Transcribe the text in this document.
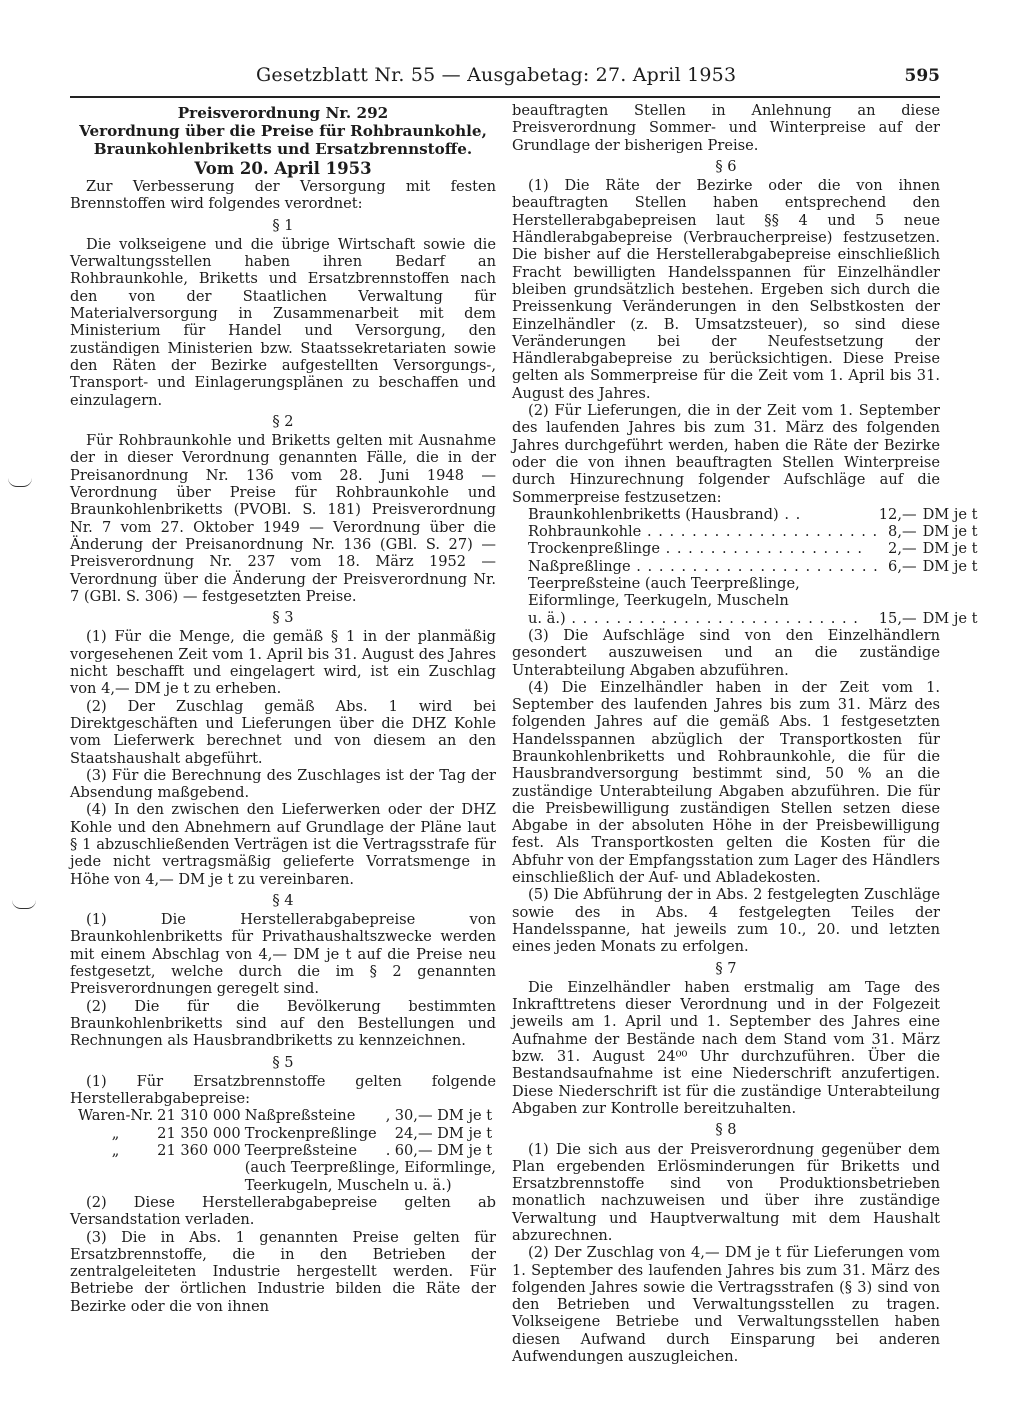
Gesetzblatt Nr. 55 — Ausgabetag: 27. April 1953	595
Preisverordnung Nr. 292
Verordnung über die Preise für Rohbraunkohle,
Braunkohlenbriketts und Ersatzbrennstoffe.
Vom 20. April 1953

Zur Verbesserung der Versorgung mit festen Brennstoffen wird folgendes verordnet:

§ 1

Die volkseigene und die übrige Wirtschaft sowie die Verwaltungsstellen haben ihren Bedarf an Rohbraunkohle, Briketts und Ersatzbrennstoffen nach den von der Staatlichen Verwaltung für Materialversorgung in Zusammenarbeit mit dem Ministerium für Handel und Versorgung, den zuständigen Ministerien bzw. Staatssekretariaten sowie den Räten der Bezirke aufgestellten Versorgungs-, Transport- und Einlagerungsplänen zu beschaffen und einzulagern.

§ 2

Für Rohbraunkohle und Briketts gelten mit Ausnahme der in dieser Verordnung genannten Fälle, die in der Preisanordnung Nr. 136 vom 28. Juni 1948 — Verordnung über Preise für Rohbraunkohle und Braunkohlenbriketts (PVOBl. S. 181) Preisverordnung Nr. 7 vom 27. Oktober 1949 — Verordnung über die Änderung der Preisanordnung Nr. 136 (GBl. S. 27) — Preisverordnung Nr. 237 vom 18. März 1952 — Verordnung über die Änderung der Preisverordnung Nr. 7 (GBl. S. 306) — festgesetzten Preise.

§ 3

(1) Für die Menge, die gemäß § 1 in der planmäßig vorgesehenen Zeit vom 1. April bis 31. August des Jahres nicht beschafft und eingelagert wird, ist ein Zuschlag von 4,— DM je t zu erheben.

(2) Der Zuschlag gemäß Abs. 1 wird bei Direktgeschäften und Lieferungen über die DHZ Kohle vom Lieferwerk berechnet und von diesem an den Staatshaushalt abgeführt.

(3) Für die Berechnung des Zuschlages ist der Tag der Absendung maßgebend.

(4) In den zwischen den Lieferwerken oder der DHZ Kohle und den Abnehmern auf Grundlage der Pläne laut § 1 abzuschließenden Verträgen ist die Vertragsstrafe für jede nicht vertragsmäßig gelieferte Vorratsmenge in Höhe von 4,— DM je t zu vereinbaren.

§ 4

(1) Die Herstellerabgabepreise von Braunkohlenbriketts für Privathaushaltszwecke werden mit einem Abschlag von 4,— DM je t auf die Preise neu festgesetzt, welche durch die im § 2 genannten Preisverordnungen geregelt sind.

(2) Die für die Bevölkerung bestimmten Braunkohlenbriketts sind auf den Bestellungen und Rechnungen als Hausbrandbriketts zu kennzeichnen.

§ 5

(1) Für Ersatzbrennstoffe gelten folgende Herstellerabgabepreise:

Waren-Nr.	21 310 000	Naßpreßsteine	,	30,— DM je t
„	21 350 000	Trockenpreßlinge		24,— DM je t
„	21 360 000	Teerpreßsteine	.	60,— DM je t
		(auch Teerpreßlinge, Eiformlinge,		
		Teerkugeln, Muscheln u. ä.)		

(2) Diese Herstellerabgabepreise gelten ab Versandstation verladen.

(3) Die in Abs. 1 genannten Preise gelten für Ersatzbrennstoffe, die in den Betrieben der zentralgeleiteten Industrie hergestellt werden. Für Betriebe der örtlichen Industrie bilden die Räte der Bezirke oder die von ihnen

beauftragten Stellen in Anlehnung an diese Preisverordnung Sommer- und Winterpreise auf der Grundlage der bisherigen Preise.

§ 6

(1) Die Räte der Bezirke oder die von ihnen beauftragten Stellen haben entsprechend den Herstellerabgabepreisen laut §§ 4 und 5 neue Händlerabgabepreise (Verbraucherpreise) festzusetzen. Die bisher auf die Herstellerabgabepreise einschließlich Fracht bewilligten Handelsspannen für Einzelhändler bleiben grundsätzlich bestehen. Ergeben sich durch die Preissenkung Veränderungen in den Selbstkosten der Einzelhändler (z. B. Umsatzsteuer), so sind diese Veränderungen bei der Neufestsetzung der Händlerabgabepreise zu berücksichtigen. Diese Preise gelten als Sommerpreise für die Zeit vom 1. April bis 31. August des Jahres.

(2) Für Lieferungen, die in der Zeit vom 1. September des laufenden Jahres bis zum 31. März des folgenden Jahres durchgeführt werden, haben die Räte der Bezirke oder die von ihnen beauftragten Stellen Winterpreise durch Hinzurechnung folgender Aufschläge auf die Sommerpreise festzusetzen:

Braunkohlenbriketts (Hausbrand) . .	12,—	DM je t
Rohbraunkohle . . . . . . . . . . . . . . . . . . . . .	8,—	DM je t
Trockenpreßlinge . . . . . . . . . . . . . . . . . .	2,—	DM je t
Naßpreßlinge . . . . . . . . . . . . . . . . . . . . . .	6,—	DM je t
Teerpreßsteine (auch Teerpreßlinge,		
Eiformlinge, Teerkugeln, Muscheln		
u. ä.) . . . . . . . . . . . . . . . . . . . . . . . . . .	15,—	DM je t

(3) Die Aufschläge sind von den Einzelhändlern gesondert auszuweisen und an die zuständige Unterabteilung Abgaben abzuführen.

(4) Die Einzelhändler haben in der Zeit vom 1. September des laufenden Jahres bis zum 31. März des folgenden Jahres auf die gemäß Abs. 1 festgesetzten Handelsspannen abzüglich der Transportkosten für Braunkohlenbriketts und Rohbraunkohle, die für die Hausbrandversorgung bestimmt sind, 50 % an die zuständige Unterabteilung Abgaben abzuführen. Die für die Preisbewilligung zuständigen Stellen setzen diese Abgabe in der absoluten Höhe in der Preisbewilligung fest. Als Transportkosten gelten die Kosten für die Abfuhr von der Empfangsstation zum Lager des Händlers einschließlich der Auf- und Abladekosten.

(5) Die Abführung der in Abs. 2 festgelegten Zuschläge sowie des in Abs. 4 festgelegten Teiles der Handelsspanne, hat jeweils zum 10., 20. und letzten eines jeden Monats zu erfolgen.

§ 7

Die Einzelhändler haben erstmalig am Tage des Inkrafttretens dieser Verordnung und in der Folgezeit jeweils am 1. April und 1. September des Jahres eine Aufnahme der Bestände nach dem Stand vom 31. März bzw. 31. August 24⁰⁰ Uhr durchzuführen. Über die Bestandsaufnahme ist eine Niederschrift anzufertigen. Diese Niederschrift ist für die zuständige Unterabteilung Abgaben zur Kontrolle bereitzuhalten.

§ 8

(1) Die sich aus der Preisverordnung gegenüber dem Plan ergebenden Erlösminderungen für Briketts und Ersatzbrennstoffe sind von Produktionsbetrieben monatlich nachzuweisen und über ihre zuständige Verwaltung und Hauptverwaltung mit dem Haushalt abzurechnen.

(2) Der Zuschlag von 4,— DM je t für Lieferungen vom 1. September des laufenden Jahres bis zum 31. März des folgenden Jahres sowie die Vertragsstrafen (§ 3) sind von den Betrieben und Verwaltungsstellen zu tragen. Volkseigene Betriebe und Verwaltungsstellen haben diesen Aufwand durch Einsparung bei anderen Aufwendungen auszugleichen.
